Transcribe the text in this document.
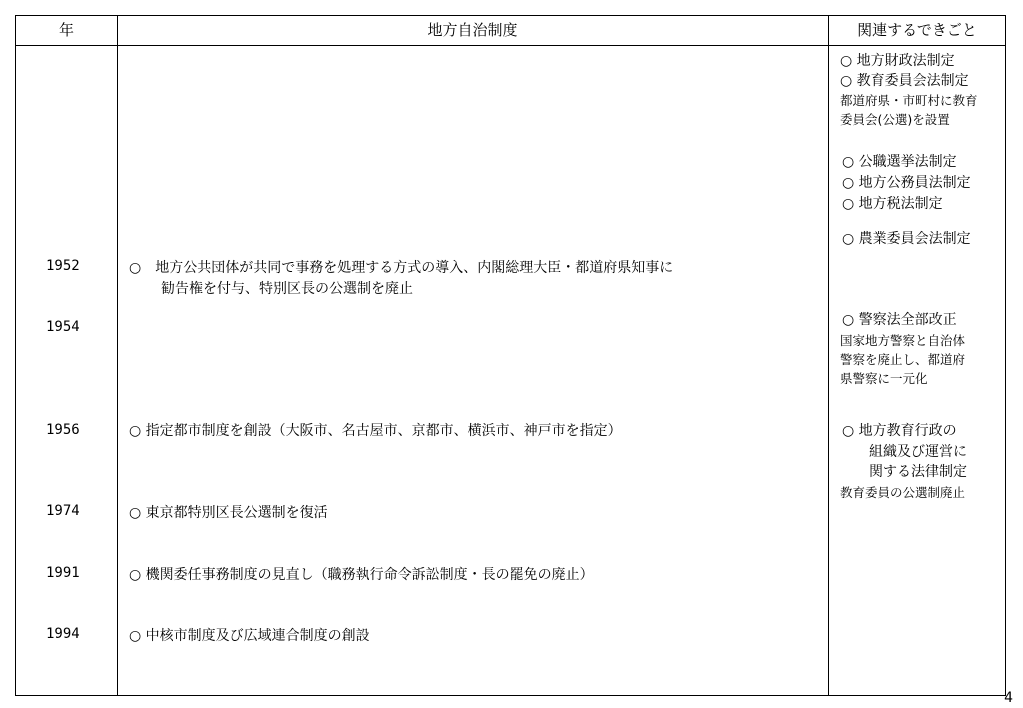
年	地方自治制度	関連するできごと
1952
1954
1956
1974
1991
1994
○　地方公共団体が共同で事務を処理する方式の導入、内閣総理大臣・都道府県知事に
勧告権を付与、特別区長の公選制を廃止
○ 指定都市制度を創設（大阪市、名古屋市、京都市、横浜市、神戸市を指定）
○ 東京都特別区長公選制を復活
○ 機関委任事務制度の見直し（職務執行命令訴訟制度・長の罷免の廃止）
○ 中核市制度及び広域連合制度の創設
○ 地方財政法制定
○ 教育委員会法制定
都道府県・市町村に教育
委員会(公選)を設置
○ 公職選挙法制定
○ 地方公務員法制定
○ 地方税法制定
○ 農業委員会法制定
○ 警察法全部改正
国家地方警察と自治体
警察を廃止し、都道府
県警察に一元化
○ 地方教育行政の
組織及び運営に
関する法律制定
教育委員の公選制廃止
4
